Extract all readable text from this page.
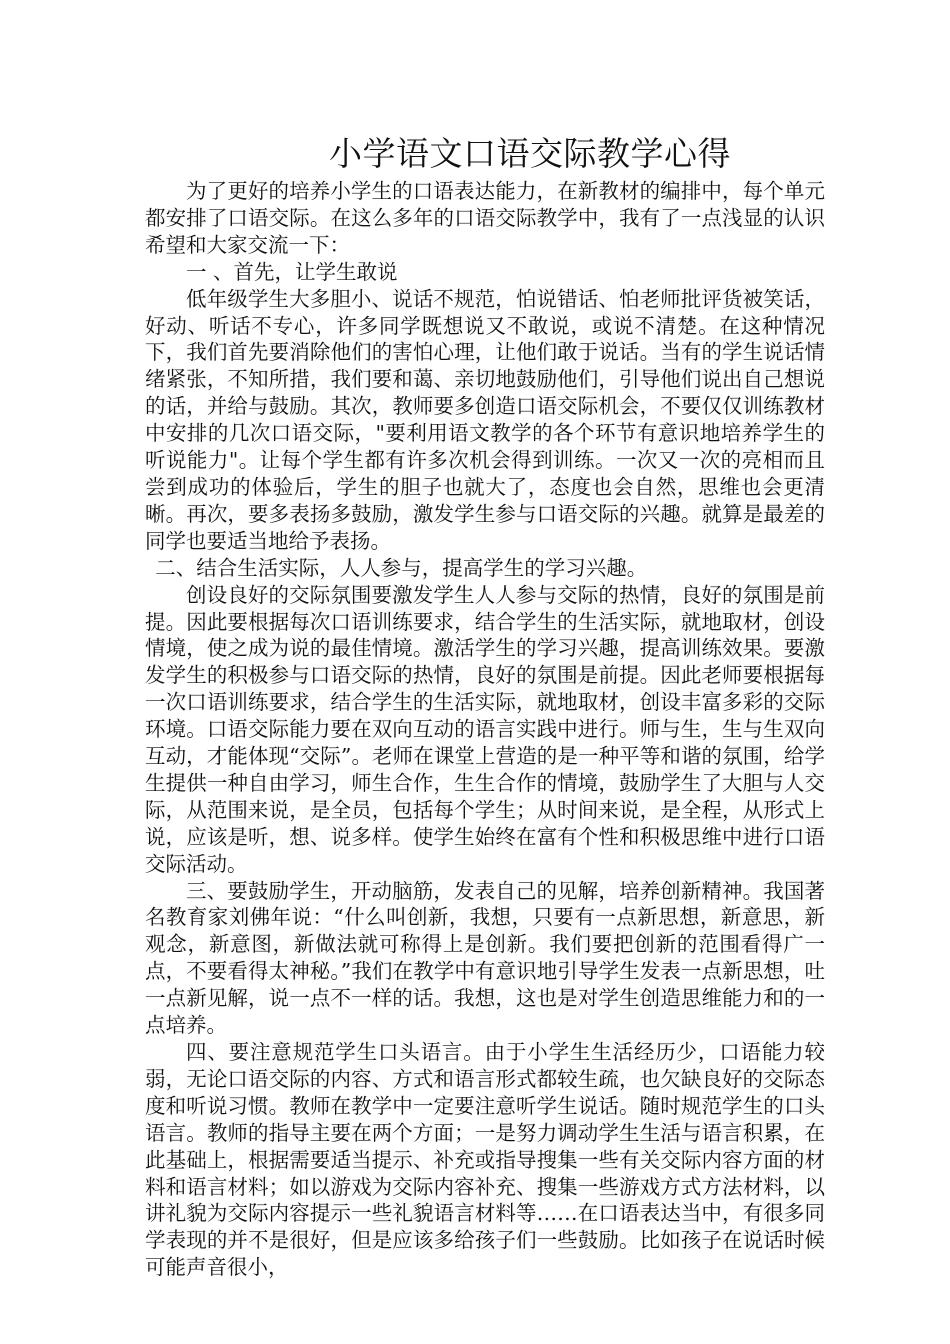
小学语文口语交际教学心得

为了更好的培养小学生的口语表达能力，在新教材的编排中，每个单元都安排了口语交际。在这么多年的口语交际教学中，我有了一点浅显的认识希望和大家交流一下：

一 、首先，让学生敢说

低年级学生大多胆小、说话不规范，怕说错话、怕老师批评货被笑话，好动、听话不专心，许多同学既想说又不敢说，或说不清楚。在这种情况下，我们首先要消除他们的害怕心理，让他们敢于说话。当有的学生说话情绪紧张，不知所措，我们要和蔼、亲切地鼓励他们，引导他们说出自己想说的话，并给与鼓励。其次，教师要多创造口语交际机会，不要仅仅训练教材中安排的几次口语交际，"要利用语文教学的各个环节有意识地培养学生的听说能力"。让每个学生都有许多次机会得到训练。一次又一次的亮相而且尝到成功的体验后，学生的胆子也就大了，态度也会自然，思维也会更清晰。再次，要多表扬多鼓励，激发学生参与口语交际的兴趣。就算是最差的同学也要适当地给予表扬。

二、结合生活实际，人人参与，提高学生的学习兴趣。

创设良好的交际氛围要激发学生人人参与交际的热情，良好的氛围是前提。因此要根据每次口语训练要求，结合学生的生活实际，就地取材，创设情境，使之成为说的最佳情境。激活学生的学习兴趣，提高训练效果。要激发学生的积极参与口语交际的热情，良好的氛围是前提。因此老师要根据每一次口语训练要求，结合学生的生活实际，就地取材，创设丰富多彩的交际环境。口语交际能力要在双向互动的语言实践中进行。师与生，生与生双向互动，才能体现“交际”。老师在课堂上营造的是一种平等和谐的氛围，给学生提供一种自由学习，师生合作，生生合作的情境，鼓励学生了大胆与人交际，从范围来说，是全员，包括每个学生；从时间来说，是全程，从形式上说，应该是听，想、说多样。使学生始终在富有个性和积极思维中进行口语交际活动。

三、要鼓励学生，开动脑筋，发表自己的见解，培养创新精神。我国著名教育家刘佛年说：“什么叫创新，我想，只要有一点新思想，新意思，新观念，新意图，新做法就可称得上是创新。我们要把创新的范围看得广一点，不要看得太神秘。”我们在教学中有意识地引导学生发表一点新思想，吐一点新见解，说一点不一样的话。我想，这也是对学生创造思维能力和的一点培养。

四、要注意规范学生口头语言。由于小学生生活经历少，口语能力较弱，无论口语交际的内容、方式和语言形式都较生疏，也欠缺良好的交际态度和听说习惯。教师在教学中一定要注意听学生说话。随时规范学生的口头语言。教师的指导主要在两个方面；一是努力调动学生生活与语言积累，在此基础上，根据需要适当提示、补充或指导搜集一些有关交际内容方面的材料和语言材料；如以游戏为交际内容补充、搜集一些游戏方式方法材料，以讲礼貌为交际内容提示一些礼貌语言材料等……在口语表达当中，有很多同学表现的并不是很好，但是应该多给孩子们一些鼓励。比如孩子在说话时候可能声音很小，
